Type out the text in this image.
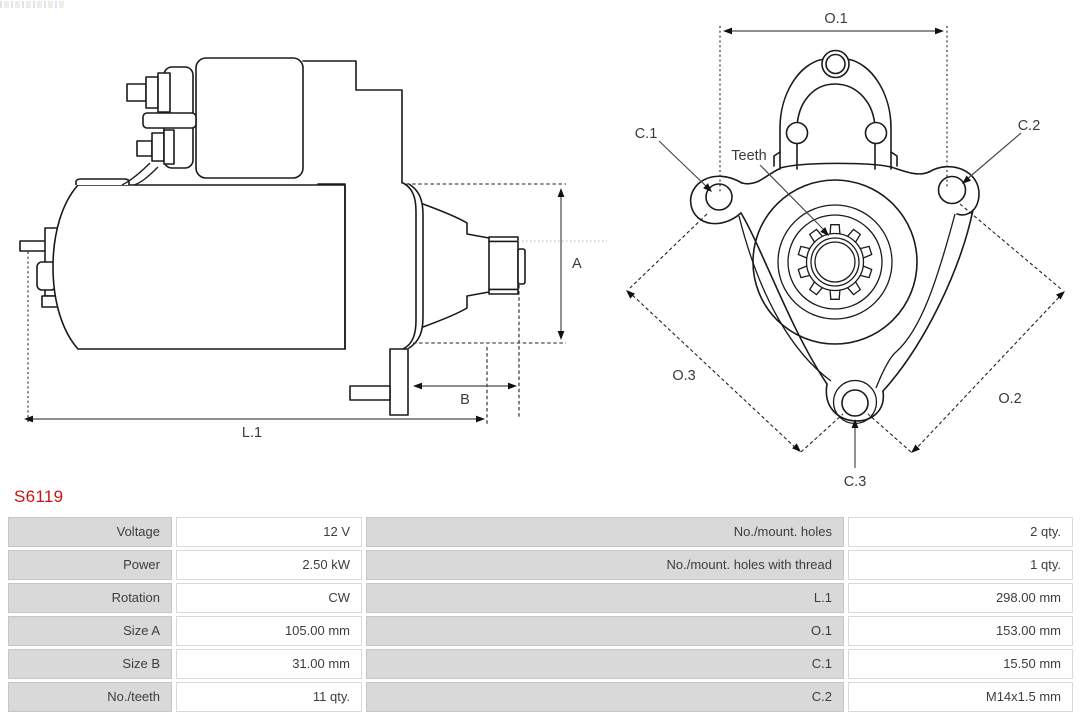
A
B
L.1
O.1
O.3
O.2
C.1	C.2
Teeth
C.3
S6119
Voltage	12 V	No./mount. holes	2 qty.
Power	2.50 kW	No./mount. holes with thread	1 qty.
Rotation	CW	L.1	298.00 mm
Size A	105.00 mm	O.1	153.00 mm
Size B	31.00 mm	C.1	15.50 mm
No./teeth	11 qty.	C.2	M14x1.5 mm
